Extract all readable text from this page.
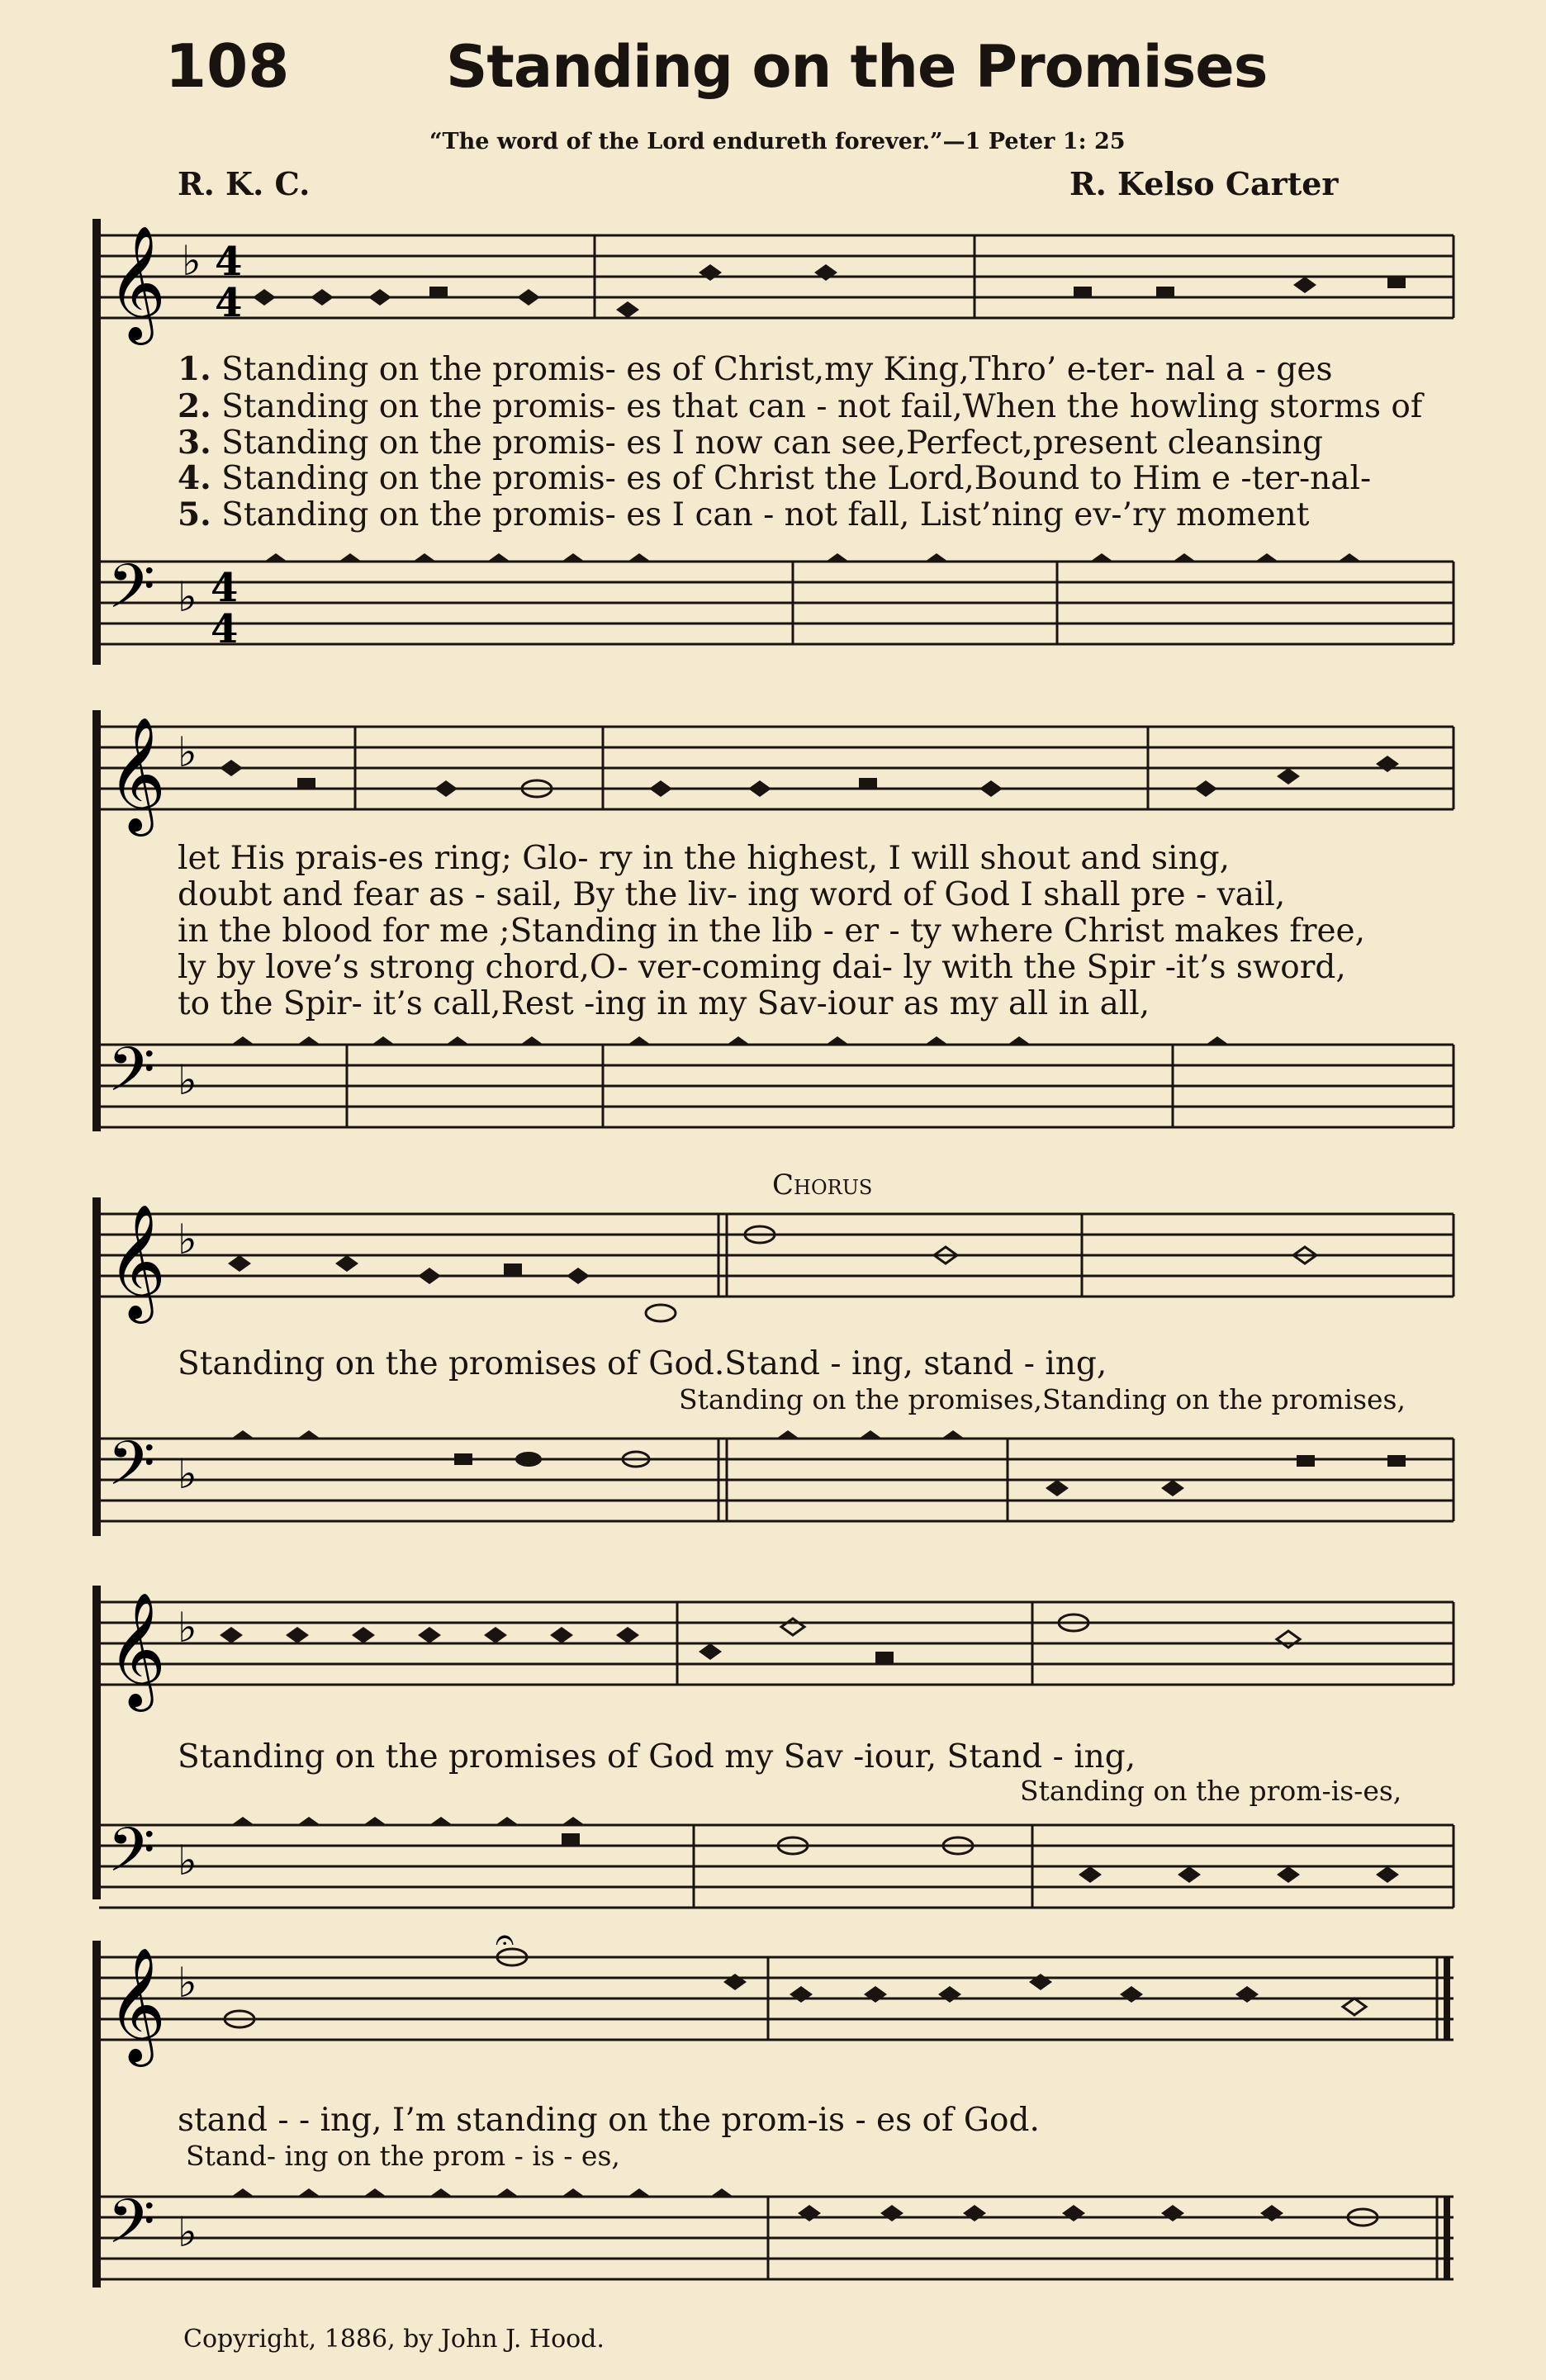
108	Standing on the Promises
“The word of the Lord endureth forever.”—1 Peter 1: 25
R. K. C.	R. Kelso Carter
𝄞 ♭ 4
4
1. Standing on the promis- es of Christ,my King,Thro’ e-ter- nal a - ges
2. Standing on the promis- es that can - not fail,When the howling storms of
3. Standing on the promis- es I now can see,Perfect,present cleansing
4. Standing on the promis- es of Christ the Lord,Bound to Him e -ter-nal-
5. Standing on the promis- es I can - not fall, List’ning ev-’ry moment
𝄢 ♭ 4
4
𝄞 ♭
let His prais-es ring; Glo- ry in the highest, I will shout and sing,
doubt and fear as - sail, By the liv- ing word of God I shall pre - vail,
in the blood for me ;Standing in the lib - er - ty where Christ makes free,
ly by love’s strong chord,O- ver-coming dai- ly with the Spir -it’s sword,
to the Spir- it’s call,Rest -ing in my Sav-iour as my all in all,
𝄢 ♭
Chorus
𝄞 ♭
Standing on the promises of God.Stand - ing, stand - ing,
Standing on the promises,Standing on the promises,
𝄢 ♭
𝄞 ♭
Standing on the promises of God my Sav -iour, Stand - ing,
Standing on the prom-is-es,
𝄢 ♭
𝄞 ♭
𝄐
stand - - ing, I’m standing on the prom-is - es of God.
Stand- ing on the prom - is - es,
𝄢 ♭
Copyright, 1886, by John J. Hood.
